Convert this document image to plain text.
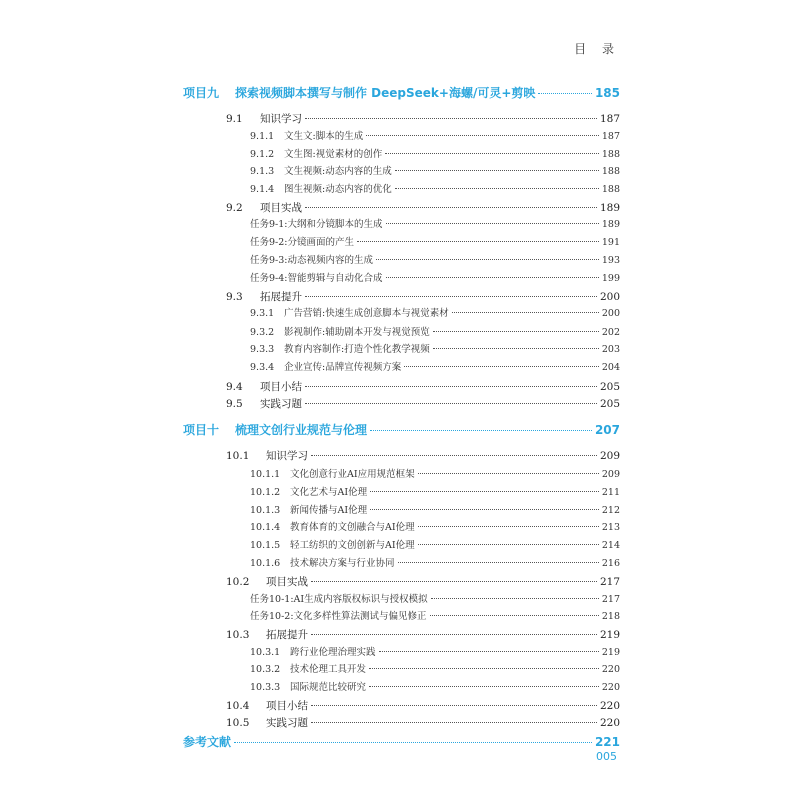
目 录
项目九	探索视频脚本撰写与制作 DeepSeek+海螺/可灵+剪映	185
9.1	知识学习	187
9.1.1	文生文:脚本的生成	187
9.1.2	文生图:视觉素材的创作	188
9.1.3	文生视频:动态内容的生成	188
9.1.4	图生视频:动态内容的优化	188
9.2	项目实战	189
任务9-1:大纲和分镜脚本的生成	189
任务9-2:分镜画面的产生	191
任务9-3:动态视频内容的生成	193
任务9-4:智能剪辑与自动化合成	199
9.3	拓展提升	200
9.3.1	广告营销:快速生成创意脚本与视觉素材	200
9.3.2	影视制作:辅助剧本开发与视觉预览	202
9.3.3	教育内容制作:打造个性化教学视频	203
9.3.4	企业宣传:品牌宣传视频方案	204
9.4	项目小结	205
9.5	实践习题	205
项目十	梳理文创行业规范与伦理	207
10.1	知识学习	209
10.1.1	文化创意行业AI应用规范框架	209
10.1.2	文化艺术与AI伦理	211
10.1.3	新闻传播与AI伦理	212
10.1.4	教育体育的文创融合与AI伦理	213
10.1.5	轻工纺织的文创创新与AI伦理	214
10.1.6	技术解决方案与行业协同	216
10.2	项目实战	217
任务10-1:AI生成内容版权标识与授权模拟	217
任务10-2:文化多样性算法测试与偏见修正	218
10.3	拓展提升	219
10.3.1	跨行业伦理治理实践	219
10.3.2	技术伦理工具开发	220
10.3.3	国际规范比较研究	220
10.4	项目小结	220
10.5	实践习题	220
参考文献	221
005
